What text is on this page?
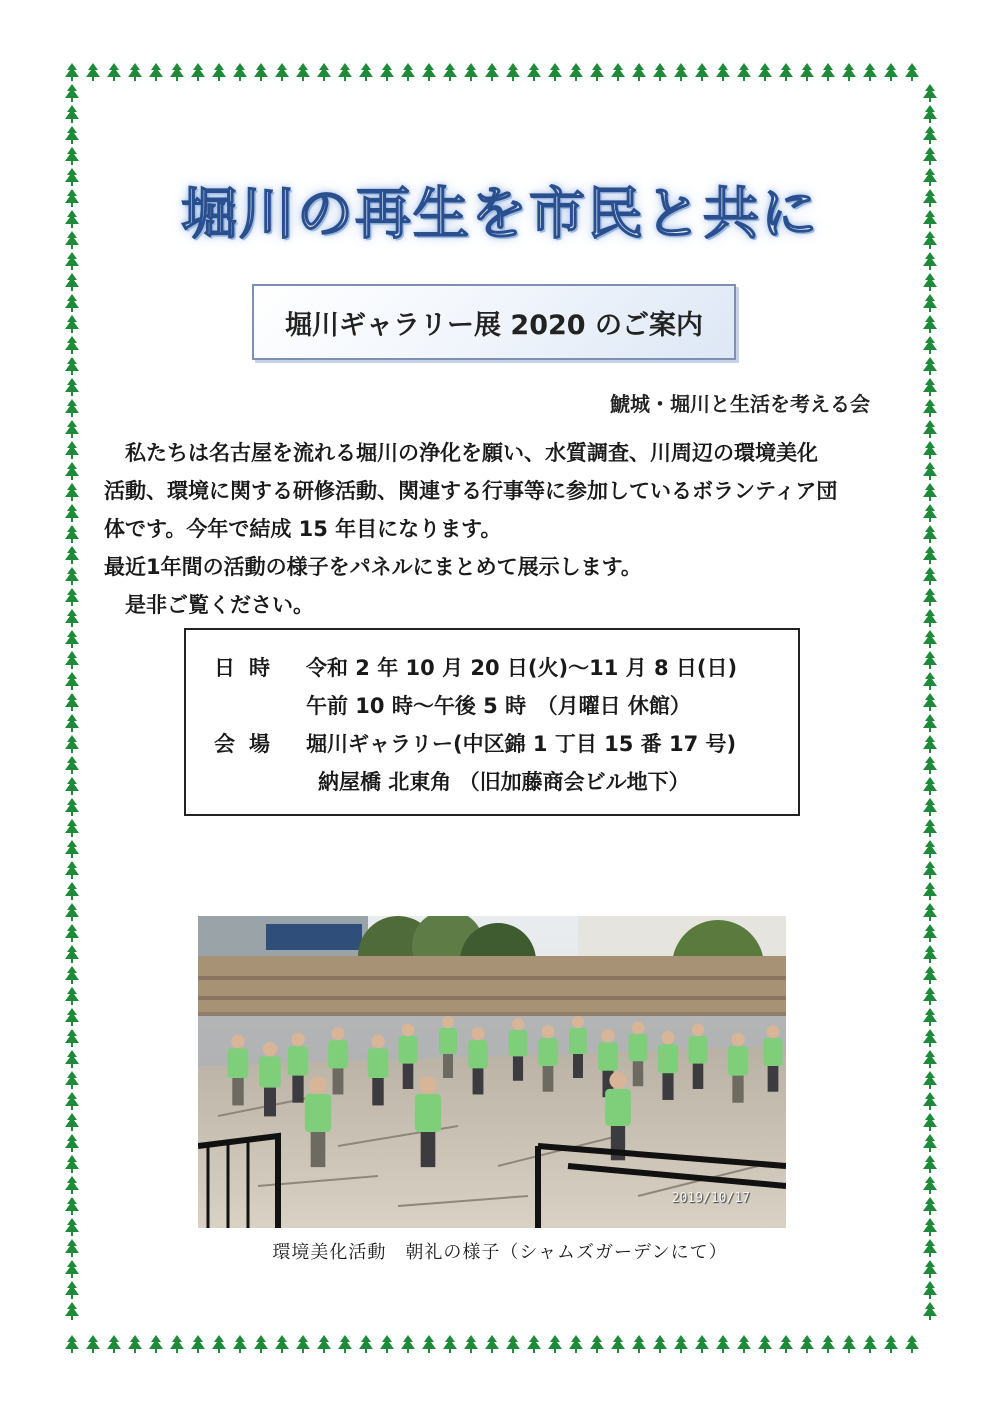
堀川の再生を市民と共に
堀川ギャラリー展 2020 のご案内
鯱城・堀川と生活を考える会

私たちは名古屋を流れる堀川の浄化を願い、水質調査、川周辺の環境美化

活動、環境に関する研修活動、関連する行事等に参加しているボランティア団

体です。今年で結成 15 年目になります。

最近1年間の活動の様子をパネルにまとめて展示します。

是非ご覧ください。

日時 令和 2 年 10 月 20 日(火)～11 月 8 日(日)
午前 10 時～午後 5 時　（月曜日 休館）
会場 堀川ギャラリー(中区錦 1 丁目 15 番 17 号)
納屋橋 北東角 （旧加藤商会ビル地下）
2019/10/17
環境美化活動　朝礼の様子（シャムズガーデンにて）
